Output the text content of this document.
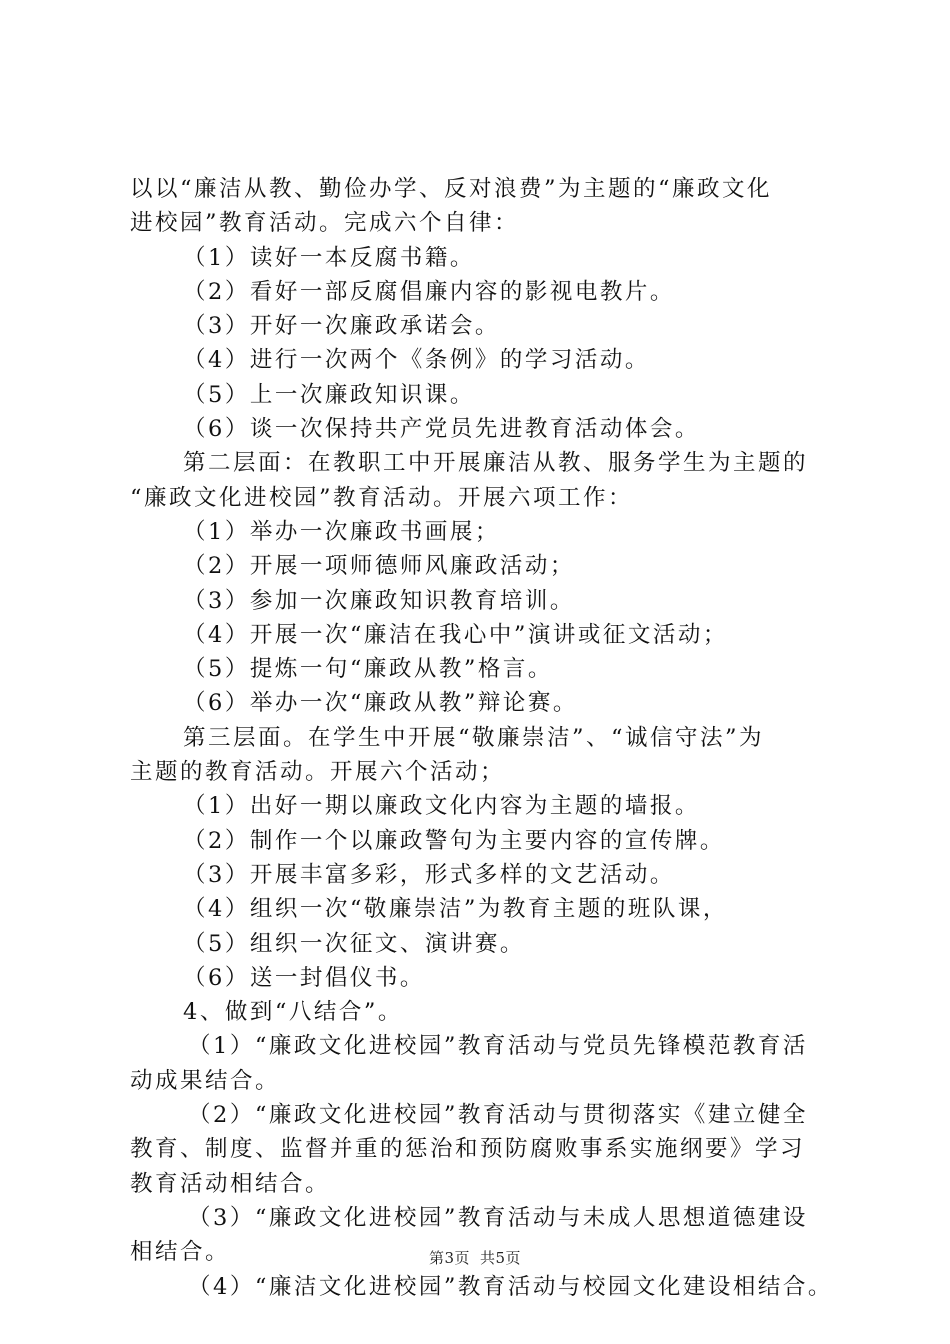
以以“廉洁从教、勤俭办学、反对浪费”为主题的“廉政文化
进校园”教育活动。完成六个自律：
（1）读好一本反腐书籍。
（2）看好一部反腐倡廉内容的影视电教片。
（3）开好一次廉政承诺会。
（4）进行一次两个《条例》的学习活动。
（5）上一次廉政知识课。
（6）谈一次保持共产党员先进教育活动体会。
第二层面：在教职工中开展廉洁从教、服务学生为主题的
“廉政文化进校园”教育活动。开展六项工作：
（1）举办一次廉政书画展；
（2）开展一项师德师风廉政活动；
（3）参加一次廉政知识教育培训。
（4）开展一次“廉洁在我心中”演讲或征文活动；
（5）提炼一句“廉政从教”格言。
（6）举办一次“廉政从教”辩论赛。
第三层面。在学生中开展“敬廉崇洁”、“诚信守法”为
主题的教育活动。开展六个活动；
（1）出好一期以廉政文化内容为主题的墙报。
（2）制作一个以廉政警句为主要内容的宣传牌。
（3）开展丰富多彩，形式多样的文艺活动。
（4）组织一次“敬廉崇洁”为教育主题的班队课，
（5）组织一次征文、演讲赛。
（6）送一封倡仪书。
4、做到“八结合”。
（1）“廉政文化进校园”教育活动与党员先锋模范教育活
动成果结合。
（2）“廉政文化进校园”教育活动与贯彻落实《建立健全
教育、制度、监督并重的惩治和预防腐败事系实施纲要》学习
教育活动相结合。
（3）“廉政文化进校园”教育活动与未成人思想道德建设
相结合。
（4）“廉洁文化进校园”教育活动与校园文化建设相结合。
第3页 共5页
